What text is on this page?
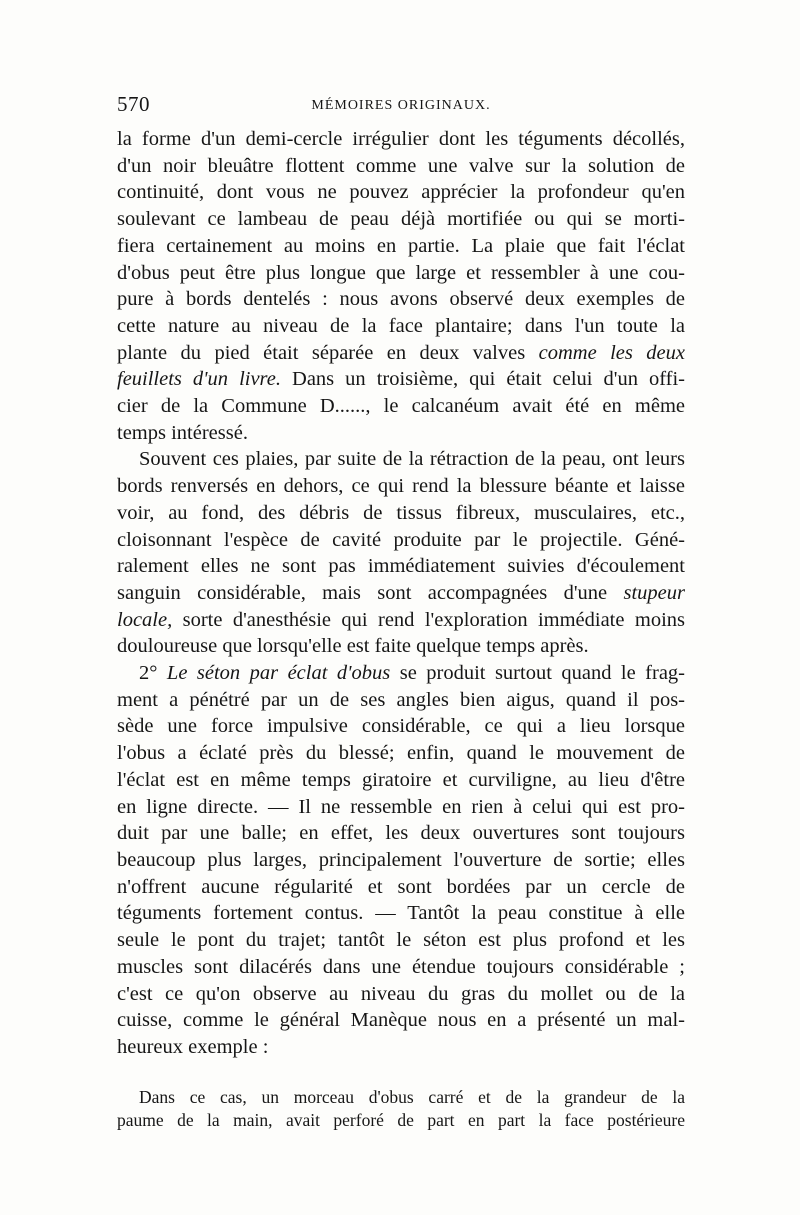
570	MÉMOIRES ORIGINAUX.
la forme d'un demi-cercle irrégulier dont les téguments décollés,
d'un noir bleuâtre flottent comme une valve sur la solution de
continuité, dont vous ne pouvez apprécier la profondeur qu'en
soulevant ce lambeau de peau déjà mortifiée ou qui se morti-
fiera certainement au moins en partie. La plaie que fait l'éclat
d'obus peut être plus longue que large et ressembler à une cou-
pure à bords dentelés : nous avons observé deux exemples de
cette nature au niveau de la face plantaire; dans l'un toute la
plante du pied était séparée en deux valves comme les deux
feuillets d'un livre. Dans un troisième, qui était celui d'un offi-
cier de la Commune D......, le calcanéum avait été en même
temps intéressé.
Souvent ces plaies, par suite de la rétraction de la peau, ont leurs
bords renversés en dehors, ce qui rend la blessure béante et laisse
voir, au fond, des débris de tissus fibreux, musculaires, etc.,
cloisonnant l'espèce de cavité produite par le projectile. Géné-
ralement elles ne sont pas immédiatement suivies d'écoulement
sanguin considérable, mais sont accompagnées d'une stupeur
locale, sorte d'anesthésie qui rend l'exploration immédiate moins
douloureuse que lorsqu'elle est faite quelque temps après.
2° Le séton par éclat d'obus se produit surtout quand le frag-
ment a pénétré par un de ses angles bien aigus, quand il pos-
sède une force impulsive considérable, ce qui a lieu lorsque
l'obus a éclaté près du blessé; enfin, quand le mouvement de
l'éclat est en même temps giratoire et curviligne, au lieu d'être
en ligne directe. — Il ne ressemble en rien à celui qui est pro-
duit par une balle; en effet, les deux ouvertures sont toujours
beaucoup plus larges, principalement l'ouverture de sortie; elles
n'offrent aucune régularité et sont bordées par un cercle de
téguments fortement contus. — Tantôt la peau constitue à elle
seule le pont du trajet; tantôt le séton est plus profond et les
muscles sont dilacérés dans une étendue toujours considérable ;
c'est ce qu'on observe au niveau du gras du mollet ou de la
cuisse, comme le général Manèque nous en a présenté un mal-
heureux exemple :
Dans ce cas, un morceau d'obus carré et de la grandeur de la
paume de la main, avait perforé de part en part la face postérieure
